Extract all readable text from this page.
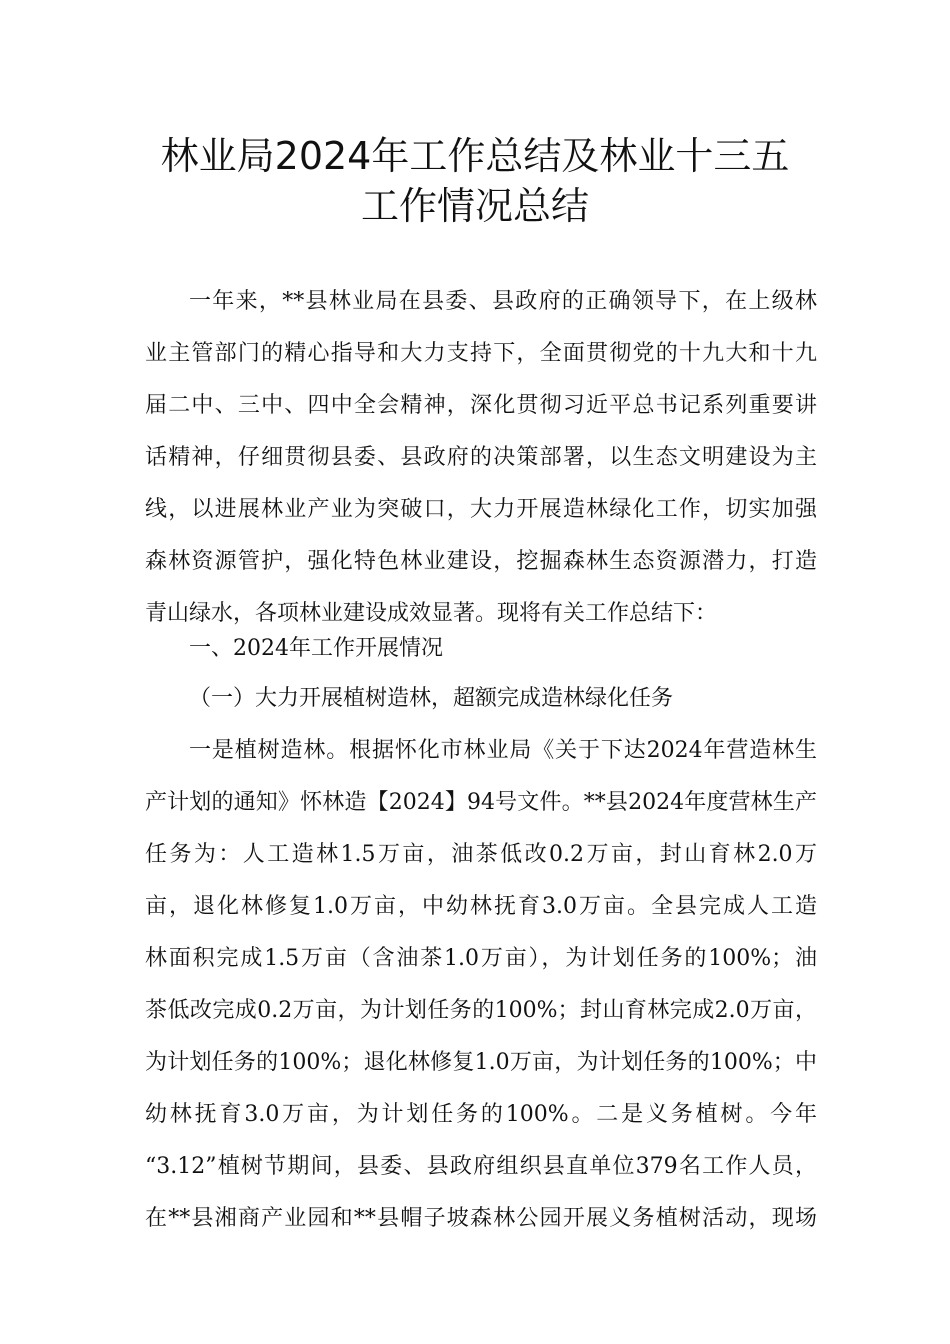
林业局2024年工作总结及林业十三五
工作情况总结
一年来，**县林业局在县委、县政府的正确领导下，在上级林
业主管部门的精心指导和大力支持下，全面贯彻党的十九大和十九
届二中、三中、四中全会精神，深化贯彻习近平总书记系列重要讲
话精神，仔细贯彻县委、县政府的决策部署，以生态文明建设为主
线，以进展林业产业为突破口，大力开展造林绿化工作，切实加强
森林资源管护，强化特色林业建设，挖掘森林生态资源潜力，打造
青山绿水，各项林业建设成效显著。现将有关工作总结下：
一、2024年工作开展情况
（一）大力开展植树造林，超额完成造林绿化任务
一是植树造林。根据怀化市林业局《关于下达2024年营造林生
产计划的通知》怀林造【2024】94号文件。**县2024年度营林生产
任务为：人工造林1.5万亩，油茶低改0.2万亩，封山育林2.0万
亩，退化林修复1.0万亩，中幼林抚育3.0万亩。全县完成人工造
林面积完成1.5万亩（含油茶1.0万亩），为计划任务的100%；油
茶低改完成0.2万亩，为计划任务的100%；封山育林完成2.0万亩，
为计划任务的100%；退化林修复1.0万亩，为计划任务的100%；中
幼林抚育3.0万亩，为计划任务的100%。二是义务植树。今年
“3.12”植树节期间，县委、县政府组织县直单位379名工作人员，
在**县湘商产业园和**县帽子坡森林公园开展义务植树活动，现场
